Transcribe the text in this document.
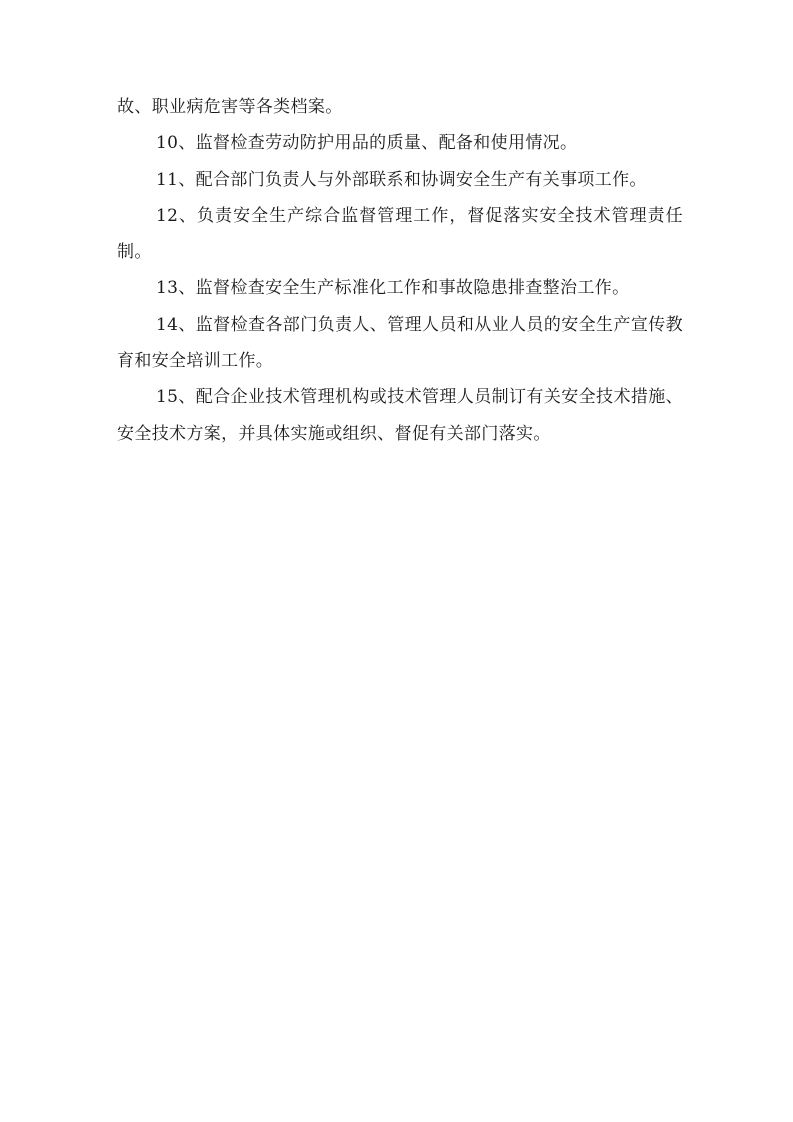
故、职业病危害等各类档案。

10、监督检查劳动防护用品的质量、配备和使用情况。

11、配合部门负责人与外部联系和协调安全生产有关事项工作。

12、负责安全生产综合监督管理工作，督促落实安全技术管理责任制。

13、监督检查安全生产标准化工作和事故隐患排查整治工作。

14、监督检查各部门负责人、管理人员和从业人员的安全生产宣传教育和安全培训工作。

15、配合企业技术管理机构或技术管理人员制订有关安全技术措施、安全技术方案，并具体实施或组织、督促有关部门落实。
